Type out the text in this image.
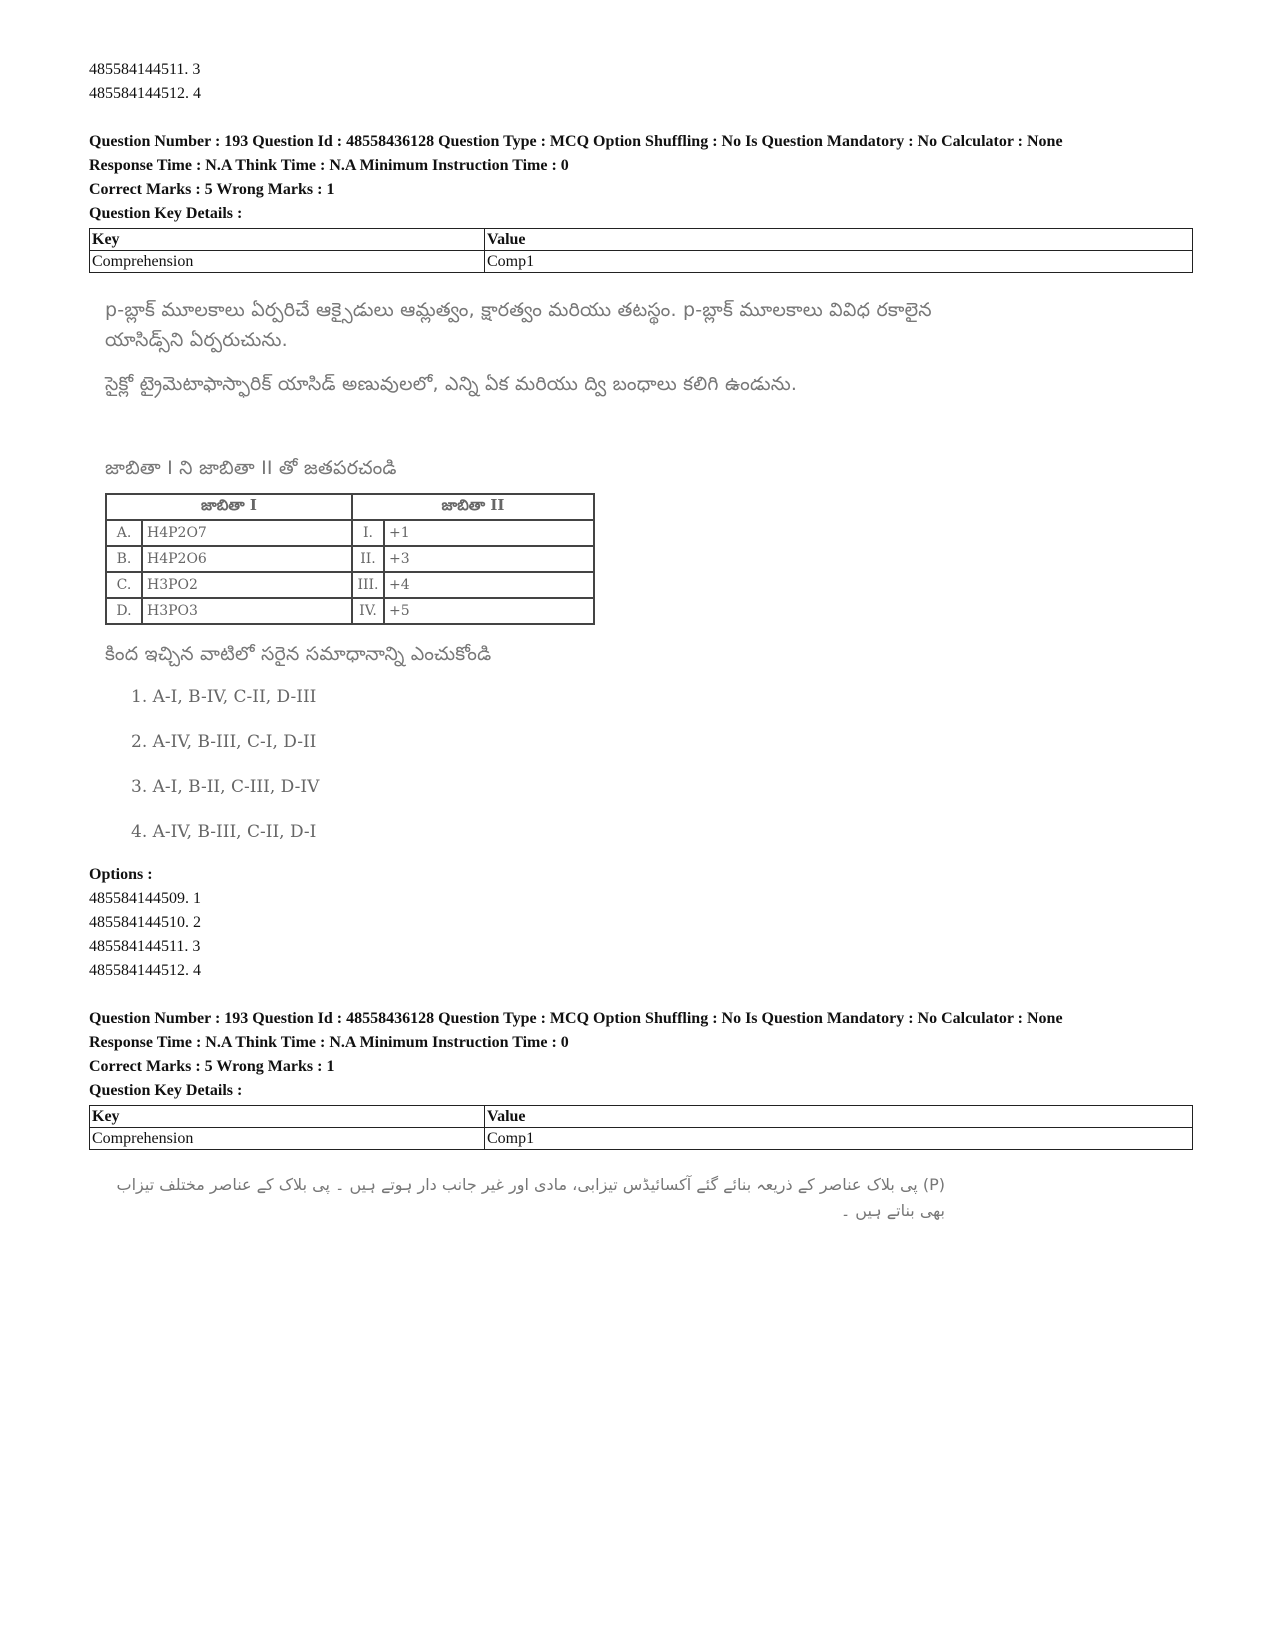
485584144511. 3
485584144512. 4
Question Number : 193 Question Id : 48558436128 Question Type : MCQ Option Shuffling : No Is Question Mandatory : No Calculator : None
Response Time : N.A Think Time : N.A Minimum Instruction Time : 0
Correct Marks : 5 Wrong Marks : 1
Question Key Details :
Key	Value
Comprehension	Comp1
p-బ్లాక్ మూలకాలు ఏర్పరిచే ఆక్సైడులు ఆమ్లత్వం, క్షారత్వం మరియు తటస్థం. p-బ్లాక్ మూలకాలు వివిధ రకాలైన యాసిడ్స్‌ని ఏర్పరుచును.
సైక్లో ట్రైమెటాఫాస్ఫారిక్ యాసిడ్ అణువులలో, ఎన్ని ఏక మరియు ద్వి బంధాలు కలిగి ఉండును.
జాబితా I ని జాబితా II తో జతపరచండి
జాబితా I		జాబితా II	
A.	H4P2O7	I.	+1
B.	H4P2O6	II.	+3
C.	H3PO2	III.	+4
D.	H3PO3	IV.	+5
కింద ఇచ్చిన వాటిలో సరైన సమాధానాన్ని ఎంచుకోండి
1. A-I, B-IV, C-II, D-III
2. A-IV, B-III, C-I, D-II
3. A-I, B-II, C-III, D-IV
4. A-IV, B-III, C-II, D-I
Options :
485584144509. 1
485584144510. 2
485584144511. 3
485584144512. 4
Question Number : 193 Question Id : 48558436128 Question Type : MCQ Option Shuffling : No Is Question Mandatory : No Calculator : None
Response Time : N.A Think Time : N.A Minimum Instruction Time : 0
Correct Marks : 5 Wrong Marks : 1
Question Key Details :
Key	Value
Comprehension	Comp1
(P) پی بلاک عناصر کے ذریعہ بنائے گئے آکسائیڈس تیزابی، مادی اور غیر جانب دار ہوتے ہیں ۔ پی بلاک کے عناصر مختلف تیزاب بھی بناتے ہیں ۔
